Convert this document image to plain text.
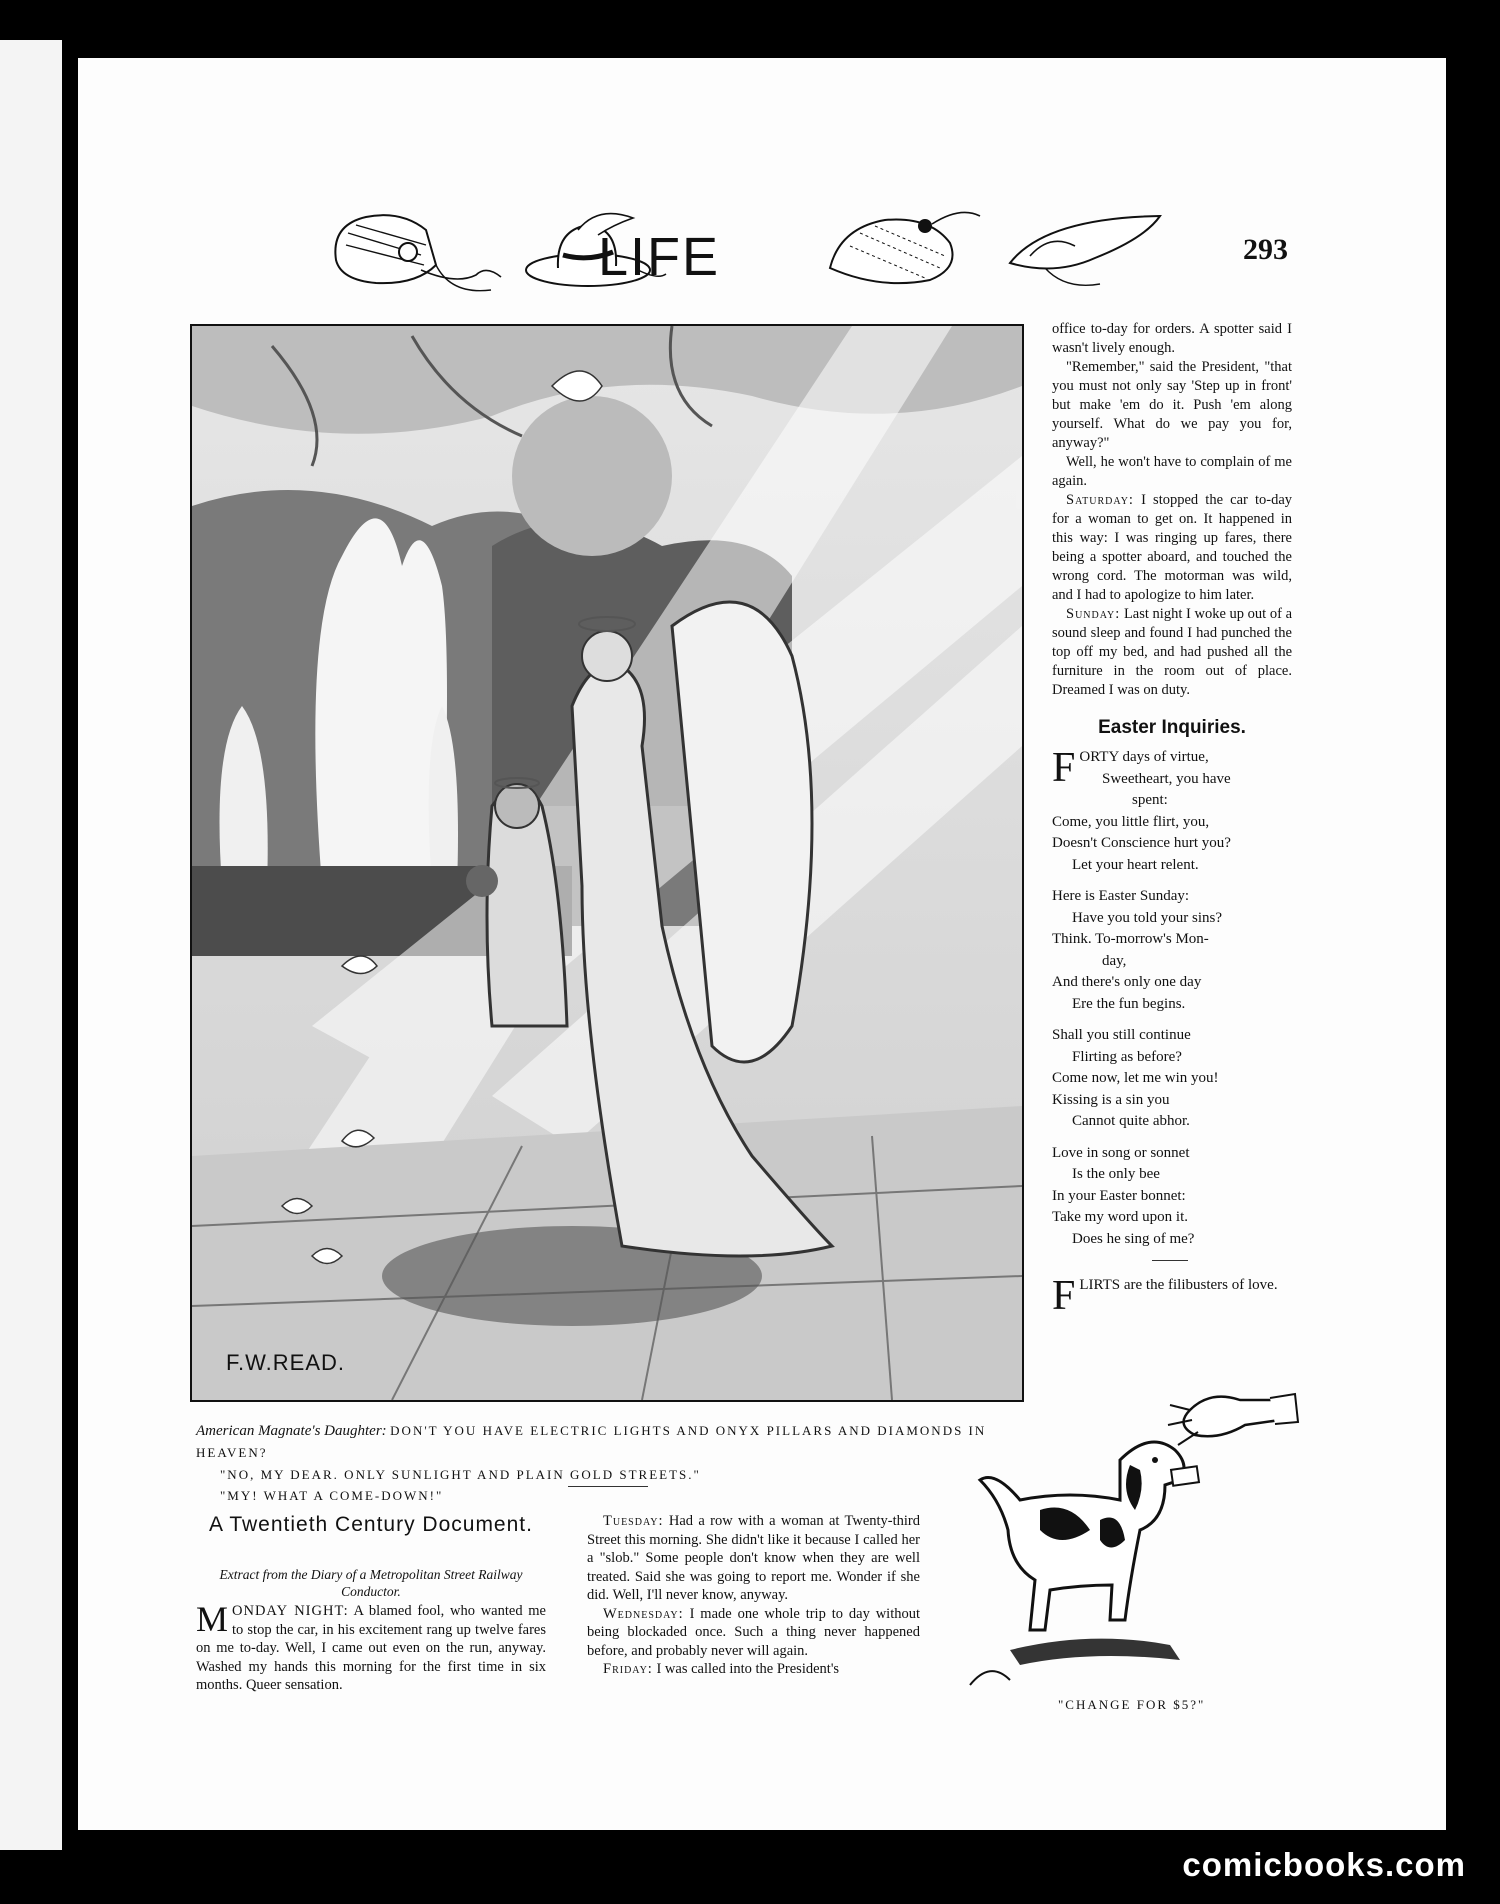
LIFE	293
F.W.READ.

American Magnate's Daughter: DON'T YOU HAVE ELECTRIC LIGHTS AND ONYX PILLARS AND DIAMONDS IN HEAVEN?

"NO, MY DEAR. ONLY SUNLIGHT AND PLAIN GOLD STREETS."

"MY! WHAT A COME-DOWN!"

office to-day for orders. A spotter said I wasn't lively enough.

"Remember," said the President, "that you must not only say 'Step up in front' but make 'em do it. Push 'em along yourself. What do we pay you for, anyway?"

Well, he won't have to complain of me again.

Saturday: I stopped the car to-day for a woman to get on. It happened in this way: I was ringing up fares, there being a spotter aboard, and touched the wrong cord. The motorman was wild, and I had to apologize to him later.

Sunday: Last night I woke up out of a sound sleep and found I had punched the top off my bed, and had pushed all the furniture in the room out of place. Dreamed I was on duty.

Easter Inquiries.
F ORTY days of virtue,
Sweetheart, you have
spent:
Come, you little flirt, you,
Doesn't Conscience hurt you?
Let your heart relent.
Here is Easter Sunday:
Have you told your sins?
Think. To-morrow's Mon-
day,
And there's only one day
Ere the fun begins.
Shall you still continue
Flirting as before?
Come now, let me win you!
Kissing is a sin you
Cannot quite abhor.
Love in song or sonnet
Is the only bee
In your Easter bonnet:
Take my word upon it.
Does he sing of me?
F LIRTS are the filibusters of love.
A Twentieth Century Document.
Extract from the Diary of a Metropolitan Street Railway Conductor.
M ONDAY NIGHT: A blamed fool, who wanted me to stop the car, in his excitement rang up twelve fares on me to-day. Well, I came out even on the run, anyway. Washed my hands this morning for the first time in six months. Queer sensation.

Tuesday: Had a row with a woman at Twenty-third Street this morning. She didn't like it because I called her a "slob." Some people don't know when they are well treated. Said she was going to report me. Wonder if she did. Well, I'll never know, anyway.

Wednesday: I made one whole trip to day without being blockaded once. Such a thing never happened before, and probably never will again.

Friday: I was called into the President's

"CHANGE FOR $5?"
comicbooks.com
